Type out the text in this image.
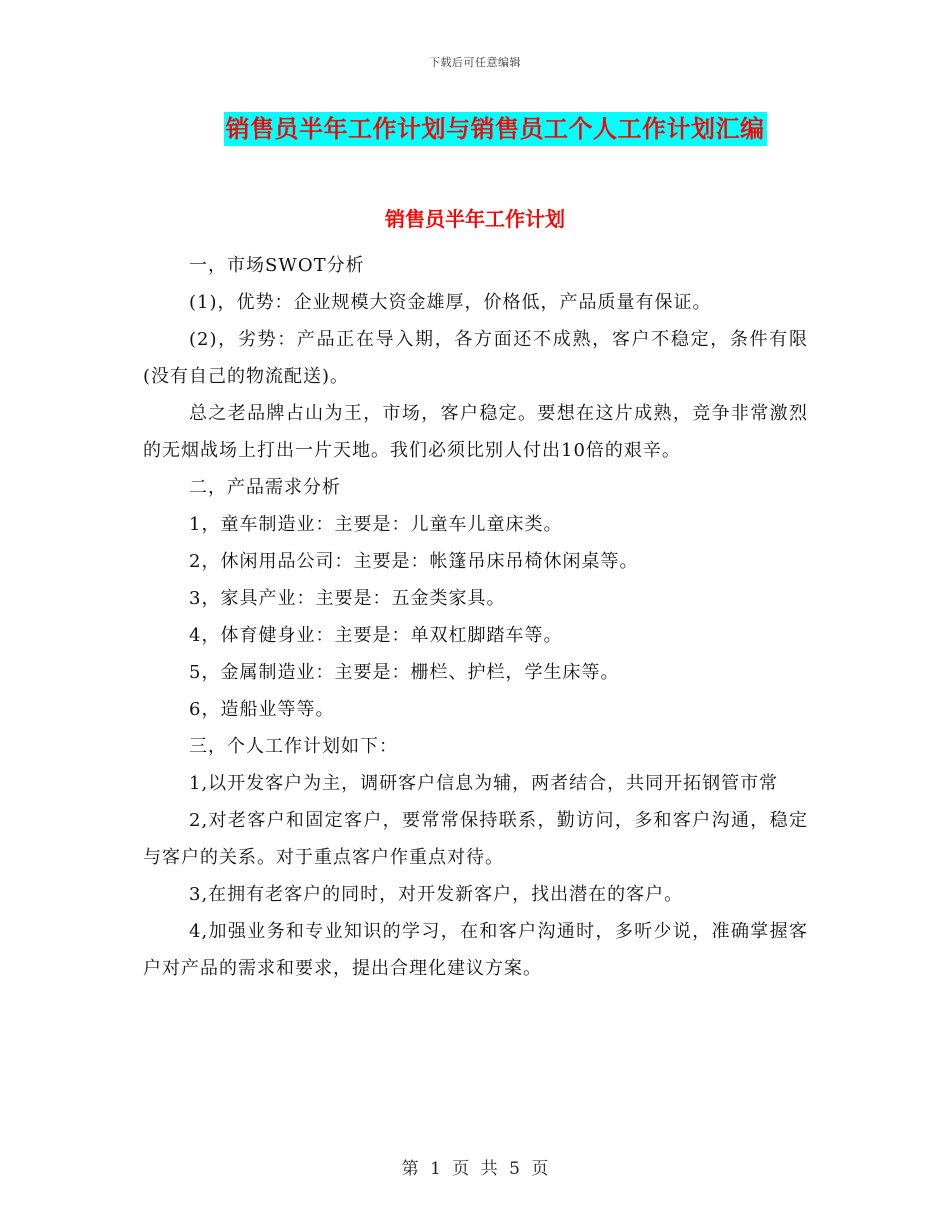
下载后可任意编辑
销售员半年工作计划与销售员工个人工作计划汇编
销售员半年工作计划

一，市场SWOT分析

(1)，优势：企业规模大资金雄厚，价格低，产品质量有保证。

(2)，劣势：产品正在导入期，各方面还不成熟，客户不稳定，条件有限(没有自己的物流配送)。

总之老品牌占山为王，市场，客户稳定。要想在这片成熟，竞争非常激烈的无烟战场上打出一片天地。我们必须比别人付出10倍的艰辛。

二，产品需求分析

1，童车制造业：主要是：儿童车儿童床类。

2，休闲用品公司：主要是：帐篷吊床吊椅休闲桌等。

3，家具产业：主要是：五金类家具。

4，体育健身业：主要是：单双杠脚踏车等。

5，金属制造业：主要是：栅栏、护栏，学生床等。

6，造船业等等。

三，个人工作计划如下：

1,以开发客户为主，调研客户信息为辅，两者结合，共同开拓钢管市常

2,对老客户和固定客户，要常常保持联系，勤访问，多和客户沟通，稳定与客户的关系。对于重点客户作重点对待。

3,在拥有老客户的同时，对开发新客户，找出潜在的客户。

4,加强业务和专业知识的学习，在和客户沟通时，多听少说，准确掌握客户对产品的需求和要求，提出合理化建议方案。

第 1 页 共 5 页
